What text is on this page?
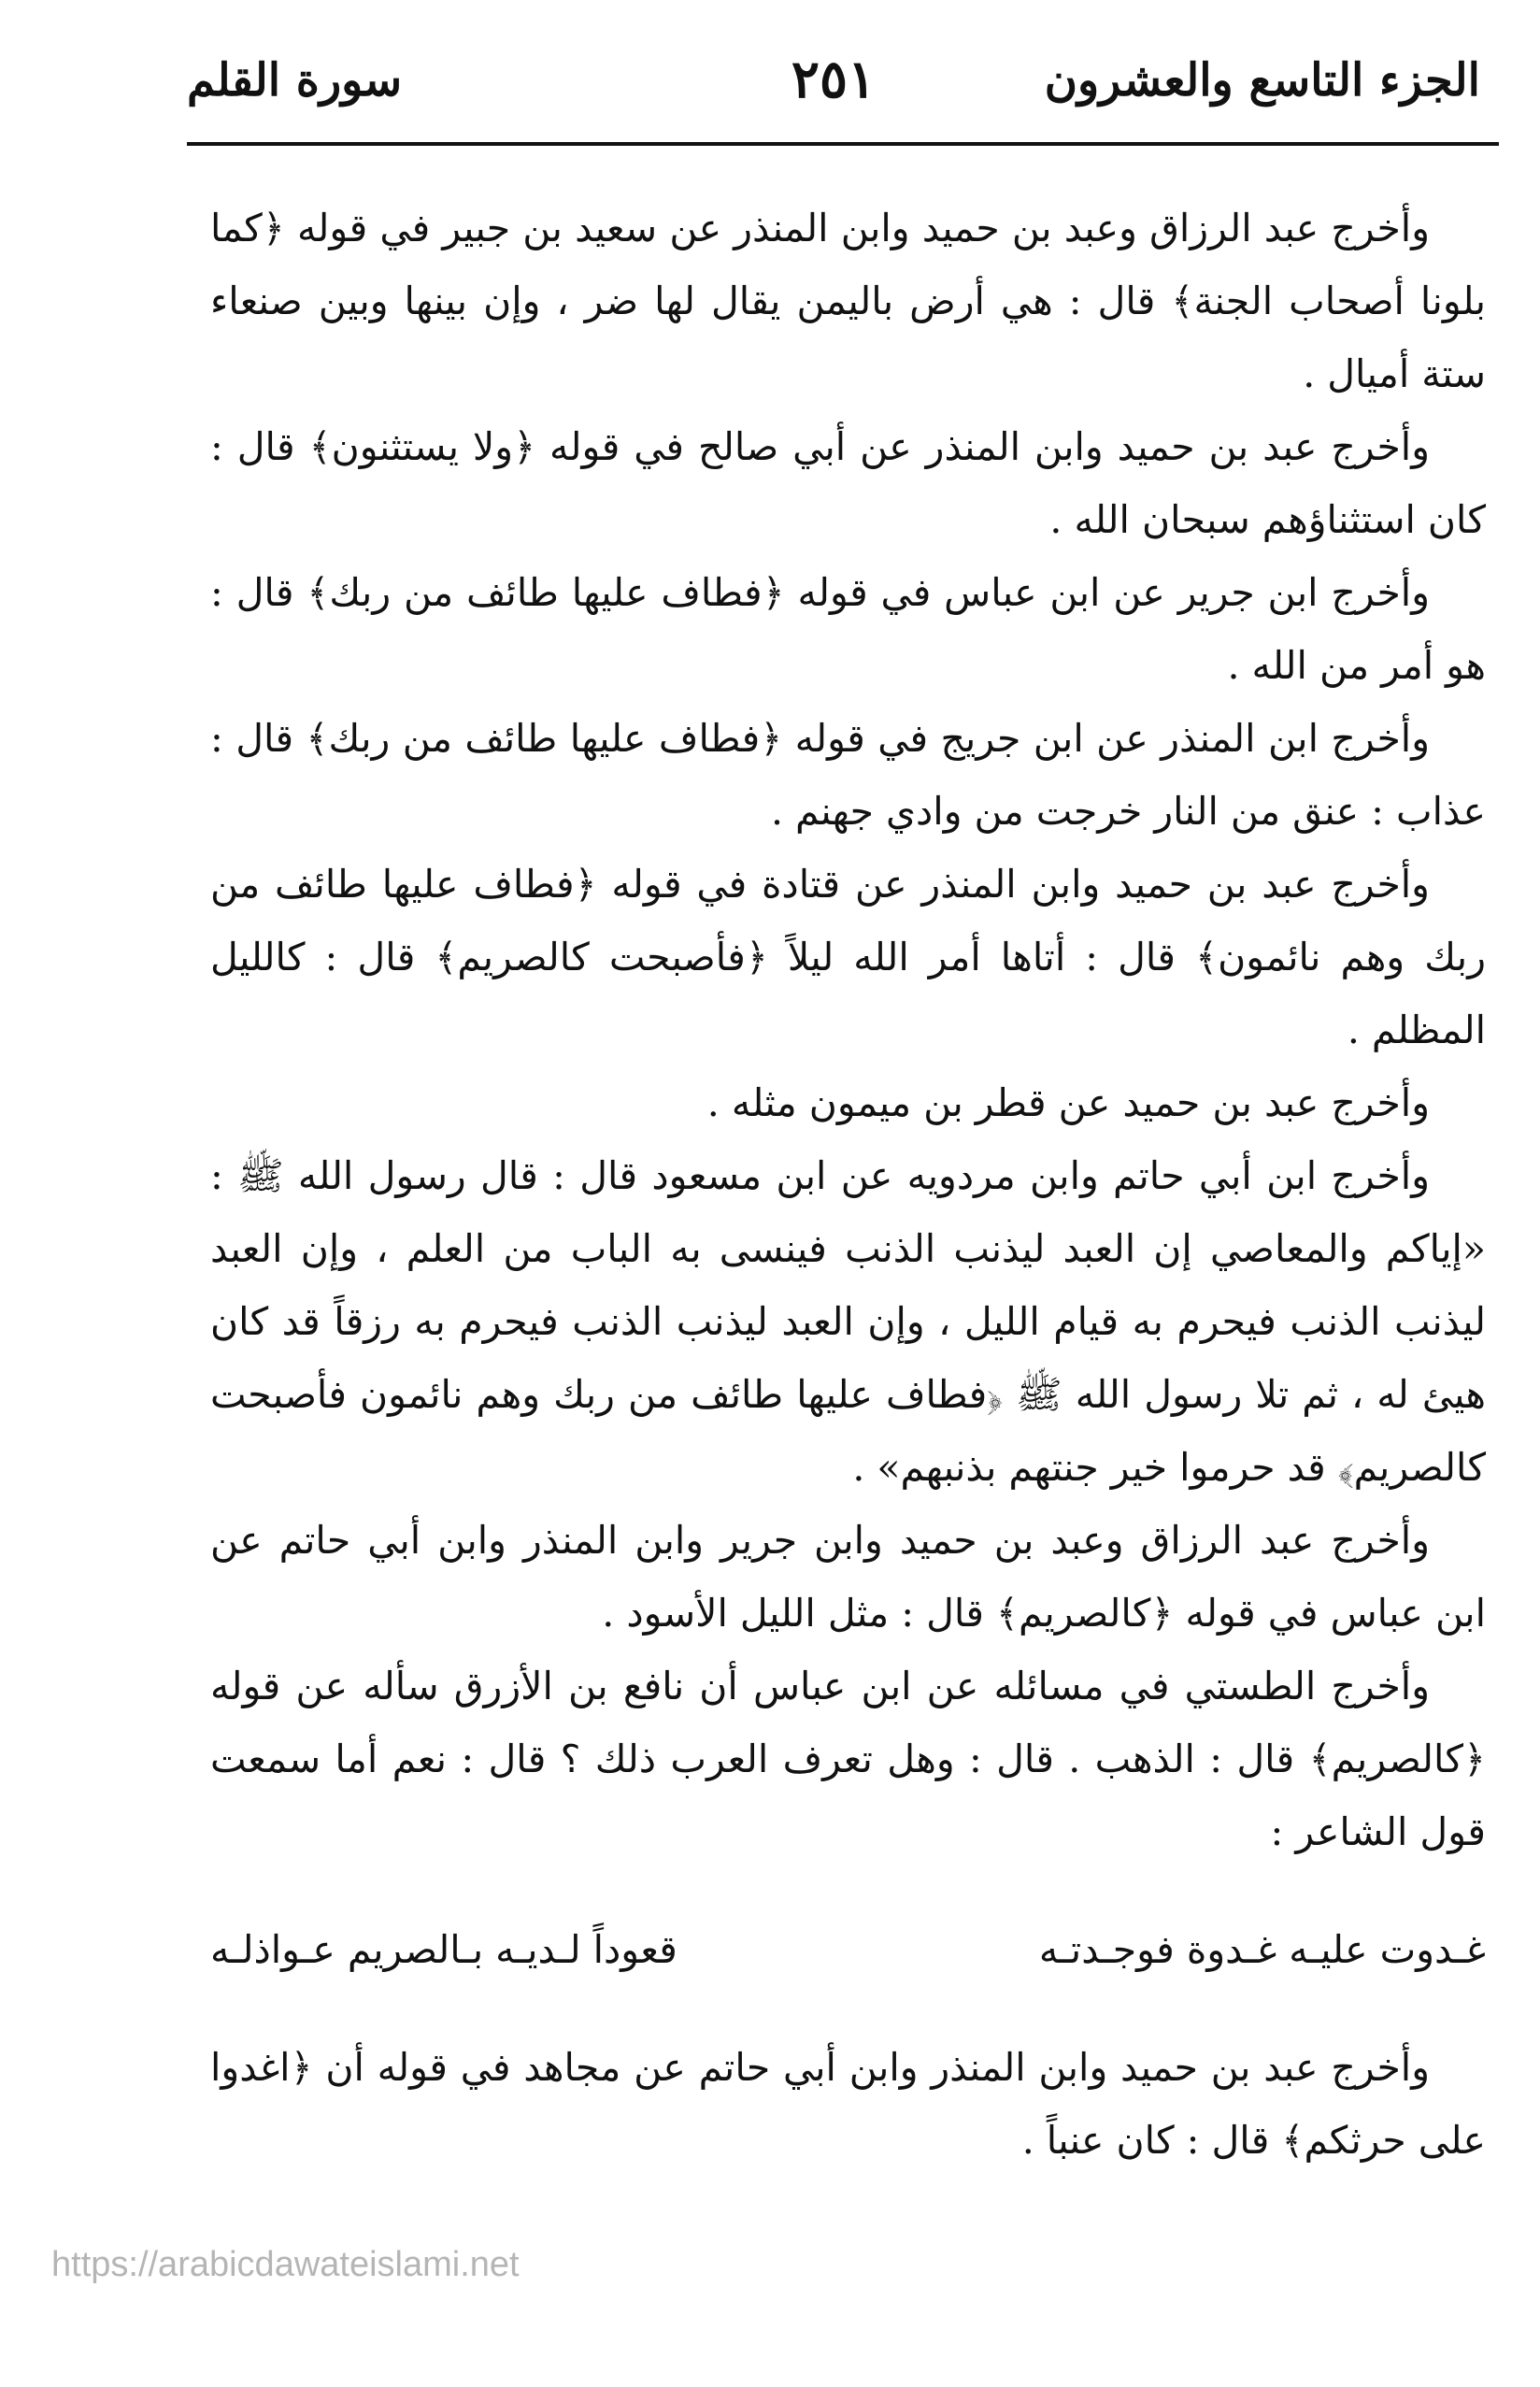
الجزء التاسع والعشرون
٢٥١
سورة القلم

وأخرج عبد الرزاق وعبد بن حميد وابن المنذر عن سعيد بن جبير في قوله ﴿كما بلونا أصحاب الجنة﴾ قال : هي أرض باليمن يقال لها ضر ، وإن بينها وبين صنعاء ستة أميال .

وأخرج عبد بن حميد وابن المنذر عن أبي صالح في قوله ﴿ولا يستثنون﴾ قال : كان استثناؤهم سبحان الله .

وأخرج ابن جرير عن ابن عباس في قوله ﴿فطاف عليها طائف من ربك﴾ قال : هو أمر من الله .

وأخرج ابن المنذر عن ابن جريج في قوله ﴿فطاف عليها طائف من ربك﴾ قال : عذاب : عنق من النار خرجت من وادي جهنم .

وأخرج عبد بن حميد وابن المنذر عن قتادة في قوله ﴿فطاف عليها طائف من ربك وهم نائمون﴾ قال : أتاها أمر الله ليلاً ﴿فأصبحت كالصريم﴾ قال : كالليل المظلم .

وأخرج عبد بن حميد عن قطر بن ميمون مثله .

وأخرج ابن أبي حاتم وابن مردويه عن ابن مسعود قال : قال رسول الله ﷺ : «إياكم والمعاصي إن العبد ليذنب الذنب فينسى به الباب من العلم ، وإن العبد ليذنب الذنب فيحرم به قيام الليل ، وإن العبد ليذنب الذنب فيحرم به رزقاً قد كان هيئ له ، ثم تلا رسول الله ﷺ ﴿فطاف عليها طائف من ربك وهم نائمون فأصبحت كالصريم﴾ قد حرموا خير جنتهم بذنبهم» .

وأخرج عبد الرزاق وعبد بن حميد وابن جرير وابن المنذر وابن أبي حاتم عن ابن عباس في قوله ﴿كالصريم﴾ قال : مثل الليل الأسود .

وأخرج الطستي في مسائله عن ابن عباس أن نافع بن الأزرق سأله عن قوله ﴿كالصريم﴾ قال : الذهب . قال : وهل تعرف العرب ذلك ؟ قال : نعم أما سمعت قول الشاعر :

غـدوت عليـه غـدوة فوجـدتـه
قعوداً لـديـه بـالصريم عـواذلـه

وأخرج عبد بن حميد وابن المنذر وابن أبي حاتم عن مجاهد في قوله أن ﴿اغدوا على حرثكم﴾ قال : كان عنباً .

https://arabicdawateislami.net
